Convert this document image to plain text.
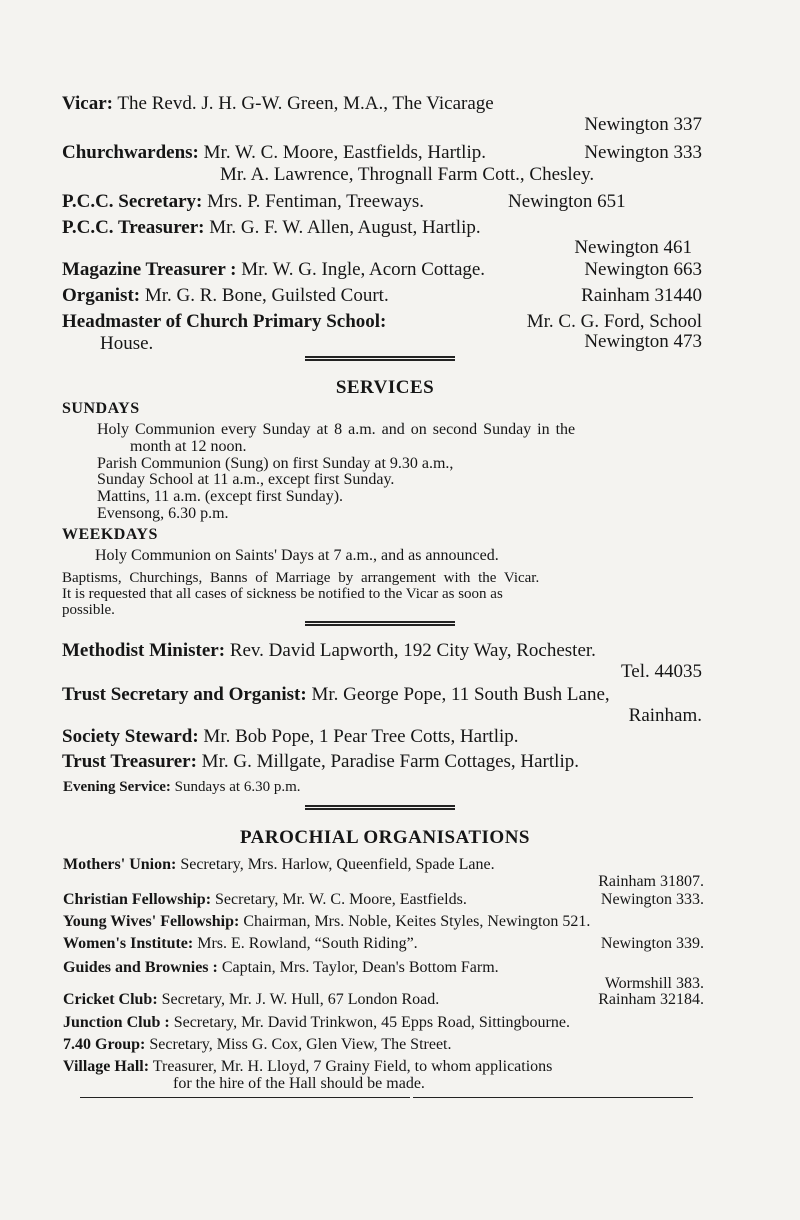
Vicar: The Revd. J. H. G-W. Green, M.A., The Vicarage
Newington 337
Churchwardens: Mr. W. C. Moore, Eastfields, Hartlip.	Newington 333
Mr. A. Lawrence, Thrognall Farm Cott., Chesley.
P.C.C. Secretary: Mrs. P. Fentiman, Treeways.	Newington 651
P.C.C. Treasurer: Mr. G. F. W. Allen, August, Hartlip.
Newington 461
Magazine Treasurer : Mr. W. G. Ingle, Acorn Cottage.	Newington 663
Organist: Mr. G. R. Bone, Guilsted Court.	Rainham 31440
Headmaster of Church Primary School:	Mr. C. G. Ford, School
House.	Newington 473
SERVICES
SUNDAYS
Holy Communion every Sunday at 8 a.m. and on second Sunday in the
month at 12 noon.
Parish Communion (Sung) on first Sunday at 9.30 a.m.,
Sunday School at 11 a.m., except first Sunday.
Mattins, 11 a.m. (except first Sunday).
Evensong, 6.30 p.m.
WEEKDAYS
Holy Communion on Saints' Days at 7 a.m., and as announced.
Baptisms, Churchings, Banns of Marriage by arrangement with the Vicar.
It is requested that all cases of sickness be notified to the Vicar as soon as
possible.
Methodist Minister: Rev. David Lapworth, 192 City Way, Rochester.
Tel. 44035
Trust Secretary and Organist: Mr. George Pope, 11 South Bush Lane,
Rainham.
Society Steward: Mr. Bob Pope, 1 Pear Tree Cotts, Hartlip.
Trust Treasurer: Mr. G. Millgate, Paradise Farm Cottages, Hartlip.
Evening Service: Sundays at 6.30 p.m.
PAROCHIAL ORGANISATIONS
Mothers' Union: Secretary, Mrs. Harlow, Queenfield, Spade Lane.
Rainham 31807.
Christian Fellowship: Secretary, Mr. W. C. Moore, Eastfields.	Newington 333.
Young Wives' Fellowship: Chairman, Mrs. Noble, Keites Styles, Newington 521.
Women's Institute: Mrs. E. Rowland, “South Riding”.	Newington 339.
Guides and Brownies : Captain, Mrs. Taylor, Dean's Bottom Farm.
Wormshill 383.
Cricket Club: Secretary, Mr. J. W. Hull, 67 London Road.	Rainham 32184.
Junction Club : Secretary, Mr. David Trinkwon, 45 Epps Road, Sittingbourne.
7.40 Group: Secretary, Miss G. Cox, Glen View, The Street.
Village Hall: Treasurer, Mr. H. Lloyd, 7 Grainy Field, to whom applications
for the hire of the Hall should be made.
